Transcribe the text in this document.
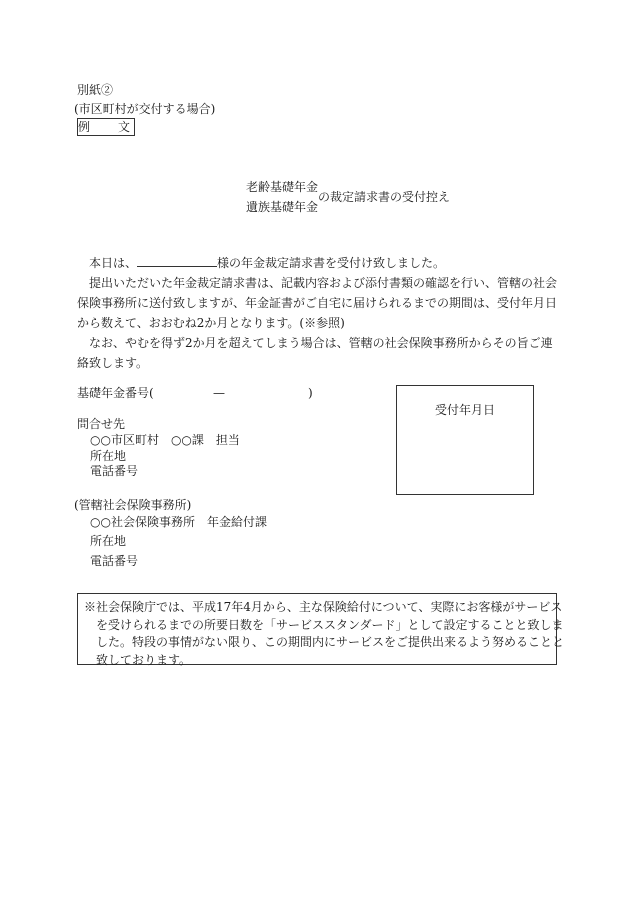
別紙②
(市区町村が交付する場合)
例　文
老齢基礎年金
の裁定請求書の受付控え
遺族基礎年金
本日は、	様の年金裁定請求書を受付け致しました。
提出いただいた年金裁定請求書は、記載内容および添付書類の確認を行い、管轄の社会保険事務所に送付致しますが、年金証書がご自宅に届けられるまでの期間は、受付年月日から数えて、おおむね2か月となります。(※参照)
なお、やむを得ず2か月を超えてしまう場合は、管轄の社会保険事務所からその旨ご連絡致します。
基礎年金番号(	—	)
受付年月日
問合せ先
○○市区町村　○○課　担当
所在地
電話番号
(管轄社会保険事務所)
○○社会保険事務所　年金給付課
所在地
電話番号
※社会保険庁では、平成17年4月から、主な保険給付について、実際にお客様がサービスを受けられるまでの所要日数を「サービススタンダード」として設定することと致しました。特段の事情がない限り、この期間内にサービスをご提供出来るよう努めることと致しております。
